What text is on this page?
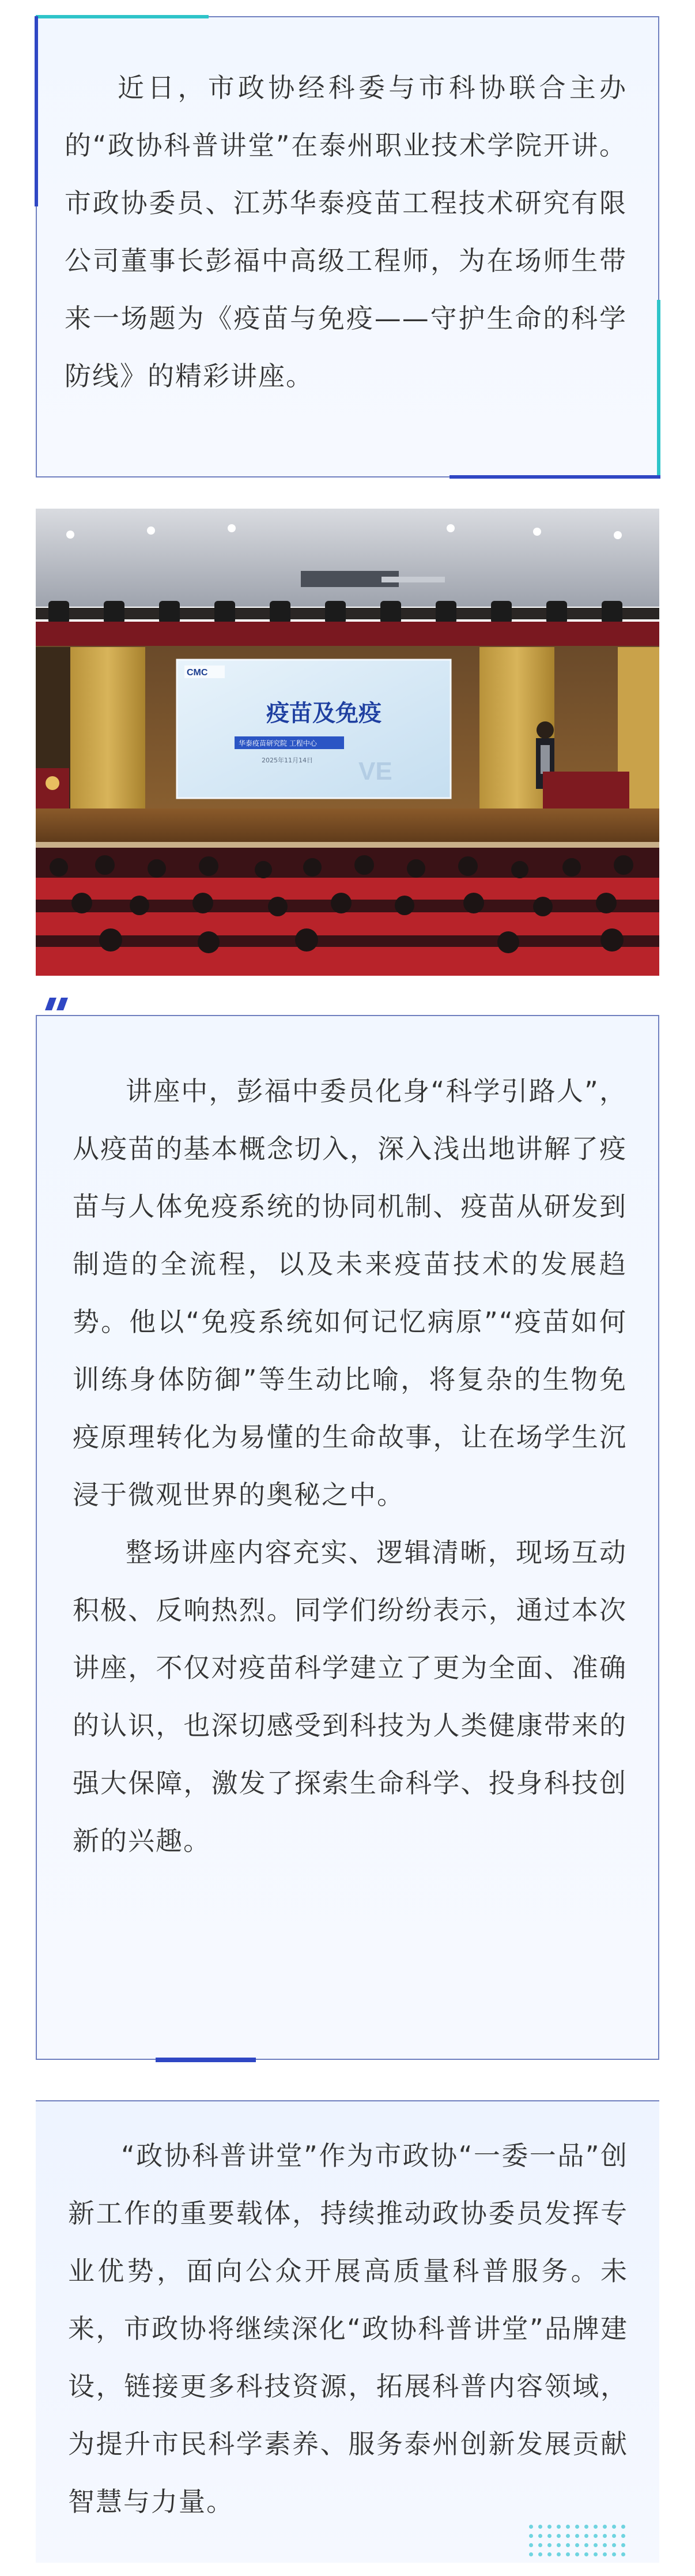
近日，市政协经科委与市科协联合主办的“政协科普讲堂”在泰州职业技术学院开讲。市政协委员、江苏华泰疫苗工程技术研究有限公司董事长彭福中高级工程师，为在场师生带来一场题为《疫苗与免疫——守护生命的科学防线》的精彩讲座。

CMC
疫苗及免疫
华泰疫苗研究院 工程中心
2025年11月14日 VE

讲座中，彭福中委员化身“科学引路人”，从疫苗的基本概念切入，深入浅出地讲解了疫苗与人体免疫系统的协同机制、疫苗从研发到制造的全流程，以及未来疫苗技术的发展趋势。他以“免疫系统如何记忆病原”“疫苗如何训练身体防御”等生动比喻，将复杂的生物免疫原理转化为易懂的生命故事，让在场学生沉浸于微观世界的奥秘之中。

整场讲座内容充实、逻辑清晰，现场互动积极、反响热烈。同学们纷纷表示，通过本次讲座，不仅对疫苗科学建立了更为全面、准确的认识，也深切感受到科技为人类健康带来的强大保障，激发了探索生命科学、投身科技创新的兴趣。

“政协科普讲堂”作为市政协“一委一品”创新工作的重要载体，持续推动政协委员发挥专业优势，面向公众开展高质量科普服务。未来，市政协将继续深化“政协科普讲堂”品牌建设，链接更多科技资源，拓展科普内容领域，为提升市民科学素养、服务泰州创新发展贡献智慧与力量。
